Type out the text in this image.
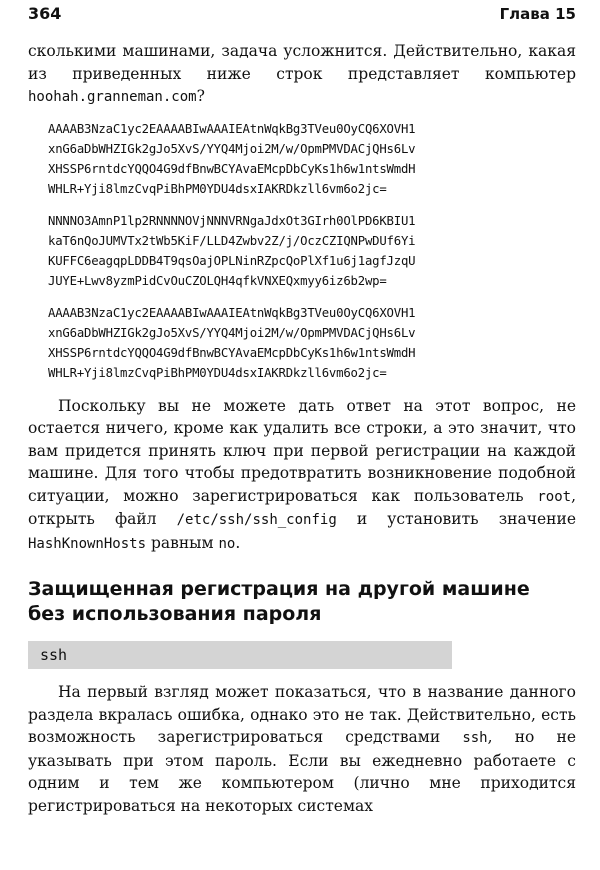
364	Глава 15

сколькими машинами, задача усложнится. Действительно, какая из приведенных ниже строк представляет компьютер hoohah.granneman.com?

AAAAB3NzaC1yc2EAAAABIwAAAIEAtnWqkBg3TVeu0OyCQ6XOVH1
xnG6aDbWHZIGk2gJo5XvS/YYQ4Mjoi2M/w/OpmPMVDACjQHs6Lv
XHSSP6rntdcYQQO4G9dfBnwBCYAvaEMcpDbCyKs1h6w1ntsWmdH
WHLR+Yji8lmzCvqPiBhPM0YDU4dsxIAKRDkzll6vm6o2jc=
NNNNO3AmnP1lp2RNNNNOVjNNNVRNgaJdxOt3GIrh0OlPD6KBIU1
kaT6nQoJUMVTx2tWb5KiF/LLD4Zwbv2Z/j/OczCZIQNPwDUf6Yi
KUFFC6eagqpLDDB4T9qsOajOPLNinRZpcQoPlXf1u6j1agfJzqU
JUYE+Lwv8yzmPidCvOuCZOLQH4qfkVNXEQxmyy6iz6b2wp=
AAAAB3NzaC1yc2EAAAABIwAAAIEAtnWqkBg3TVeu0OyCQ6XOVH1
xnG6aDbWHZIGk2gJo5XvS/YYQ4Mjoi2M/w/OpmPMVDACjQHs6Lv
XHSSP6rntdcYQQO4G9dfBnwBCYAvaEMcpDbCyKs1h6w1ntsWmdH
WHLR+Yji8lmzCvqPiBhPM0YDU4dsxIAKRDkzll6vm6o2jc=

Поскольку вы не можете дать ответ на этот вопрос, не остается ничего, кроме как удалить все строки, а это значит, что вам придется принять ключ при первой регистрации на каждой машине. Для того чтобы предотвратить возникновение подобной ситуации, можно зарегистрироваться как пользователь root, открыть файл /etc/ssh/ssh_config и установить значение HashKnownHosts равным no.

Защищенная регистрация на другой машине
без использования пароля
ssh

На первый взгляд может показаться, что в название данного раздела вкралась ошибка, однако это не так. Действительно, есть возможность зарегистрироваться средствами ssh, но не указывать при этом пароль. Если вы ежедневно работаете с одним и тем же компьютером (лично мне приходится регистрироваться на некоторых системах
